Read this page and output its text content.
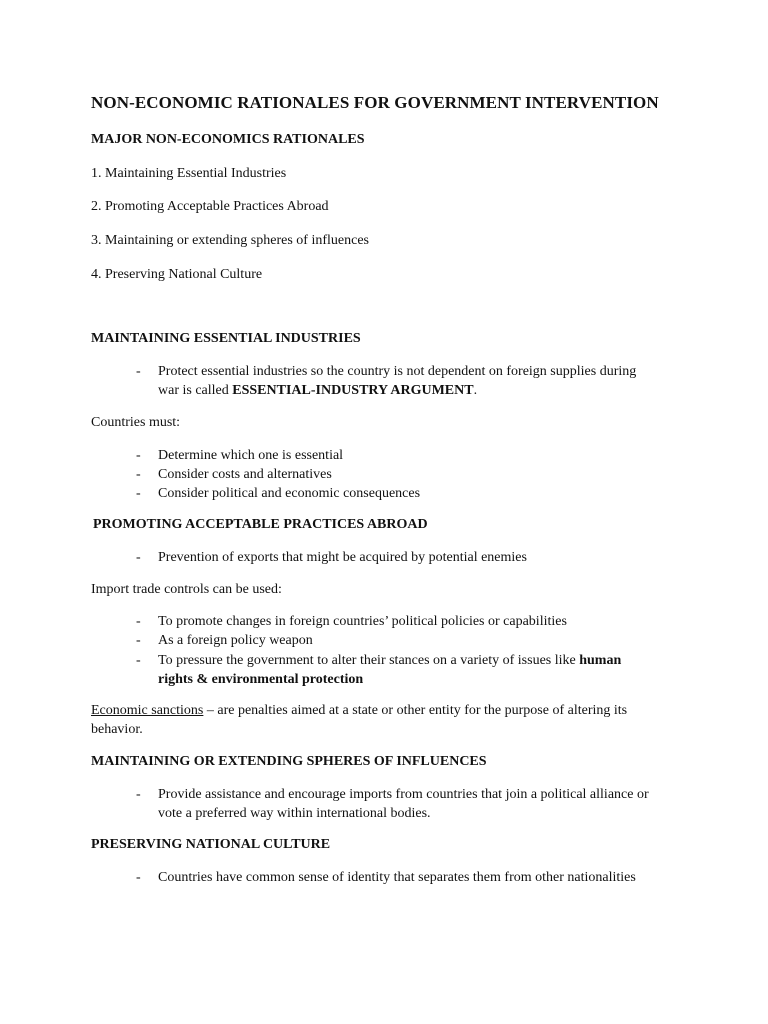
NON-ECONOMIC RATIONALES FOR GOVERNMENT INTERVENTION
MAJOR NON-ECONOMICS RATIONALES
1. Maintaining Essential Industries
2. Promoting Acceptable Practices Abroad
3. Maintaining or extending spheres of influences
4. Preserving National Culture
MAINTAINING ESSENTIAL INDUSTRIES
- Protect essential industries so the country is not dependent on foreign supplies during
war is called ESSENTIAL-INDUSTRY ARGUMENT.
Countries must:
- Determine which one is essential
- Consider costs and alternatives
- Consider political and economic consequences
PROMOTING ACCEPTABLE PRACTICES ABROAD
- Prevention of exports that might be acquired by potential enemies
Import trade controls can be used:
- To promote changes in foreign countries’ political policies or capabilities
- As a foreign policy weapon
- To pressure the government to alter their stances on a variety of issues like human
rights & environmental protection
Economic sanctions – are penalties aimed at a state or other entity for the purpose of altering its
behavior.
MAINTAINING OR EXTENDING SPHERES OF INFLUENCES
- Provide assistance and encourage imports from countries that join a political alliance or
vote a preferred way within international bodies.
PRESERVING NATIONAL CULTURE
- Countries have common sense of identity that separates them from other nationalities
